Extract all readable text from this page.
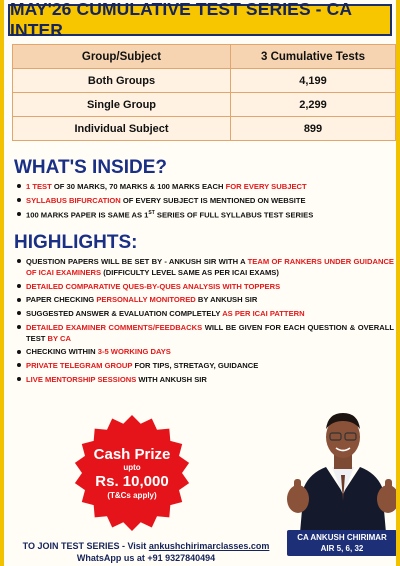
MAY'26 CUMULATIVE TEST SERIES - CA INTER
Group/Subject	3 Cumulative Tests
Both Groups	4,199
Single Group	2,299
Individual Subject	899
WHAT'S INSIDE?
1 TEST OF 30 MARKS, 70 MARKS & 100 MARKS EACH FOR EVERY SUBJECT
SYLLABUS BIFURCATION OF EVERY SUBJECT IS MENTIONED ON WEBSITE
100 MARKS PAPER IS SAME AS 1ST SERIES OF FULL SYLLABUS TEST SERIES
HIGHLIGHTS:
QUESTION PAPERS WILL BE SET BY - ANKUSH SIR WITH A TEAM OF RANKERS UNDER GUIDANCE OF ICAI EXAMINERS (DIFFICULTY LEVEL SAME AS PER ICAI EXAMS)
DETAILED COMPARATIVE QUES-BY-QUES ANALYSIS WITH TOPPERS
PAPER CHECKING PERSONALLY MONITORED BY ANKUSH SIR
SUGGESTED ANSWER & EVALUATION COMPLETELY AS PER ICAI PATTERN
DETAILED EXAMINER COMMENTS/FEEDBACKS WILL BE GIVEN FOR EACH QUESTION & OVERALL TEST BY CA
CHECKING WITHIN 3-5 WORKING DAYS
PRIVATE TELEGRAM GROUP FOR TIPS, STRETAGY, GUIDANCE
LIVE MENTORSHIP SESSIONS WITH ANKUSH SIR
Cash Prize
upto
Rs. 10,000
(T&Cs apply)
CA ANKUSH CHIRIMAR
AIR 5, 6, 32
TO JOIN TEST SERIES - Visit ankushchirimarclasses.com
WhatsApp us at +91 9327840494
